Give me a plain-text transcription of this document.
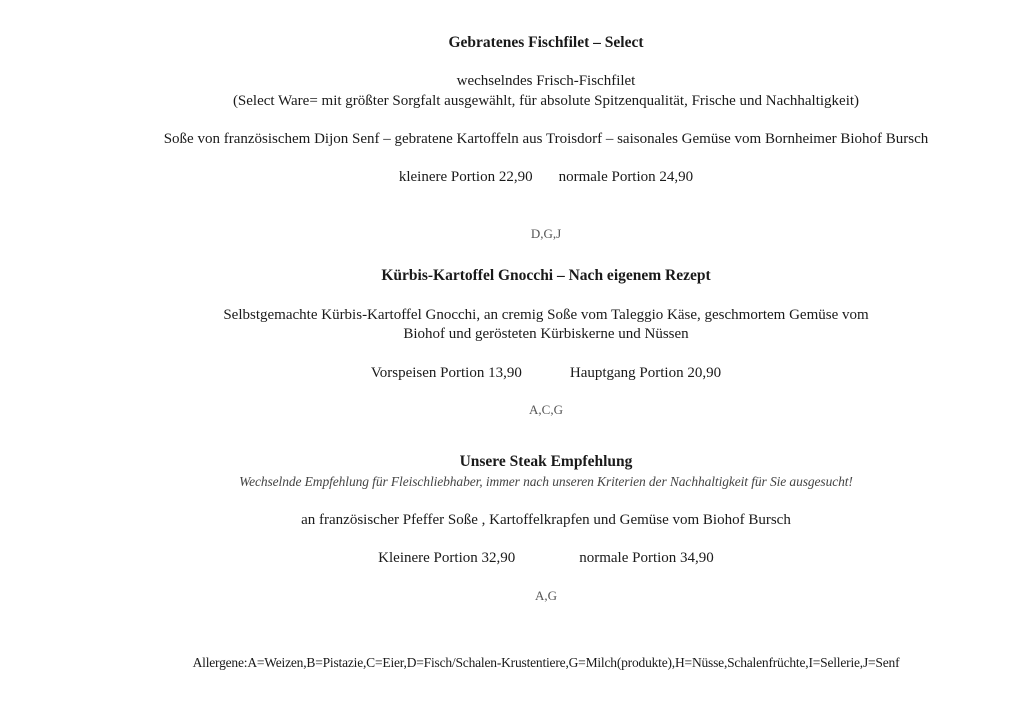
Gebratenes Fischfilet – Select
wechselndes Frisch-Fischfilet
(Select Ware= mit größter Sorgfalt ausgewählt, für absolute Spitzenqualität, Frische und Nachhaltigkeit)
Soße von französischem Dijon Senf – gebratene Kartoffeln aus Troisdorf – saisonales Gemüse vom Bornheimer Biohof Bursch
kleinere Portion 22,90 normale Portion 24,90
D,G,J
Kürbis-Kartoffel Gnocchi – Nach eigenem Rezept
Selbstgemachte Kürbis-Kartoffel Gnocchi, an cremig Soße vom Taleggio Käse, geschmortem Gemüse vom
Biohof und gerösteten Kürbiskerne und Nüssen
Vorspeisen Portion 13,90	Hauptgang Portion 20,90
A,C,G
Unsere Steak Empfehlung
Wechselnde Empfehlung für Fleischliebhaber, immer nach unseren Kriterien der Nachhaltigkeit für Sie ausgesucht!
an französischer Pfeffer Soße , Kartoffelkrapfen und Gemüse vom Biohof Bursch
Kleinere Portion 32,90	normale Portion 34,90
A,G
Allergene:A=Weizen,B=Pistazie,C=Eier,D=Fisch/Schalen-Krustentiere,G=Milch(produkte),H=Nüsse,Schalenfrüchte,I=Sellerie,J=Senf
